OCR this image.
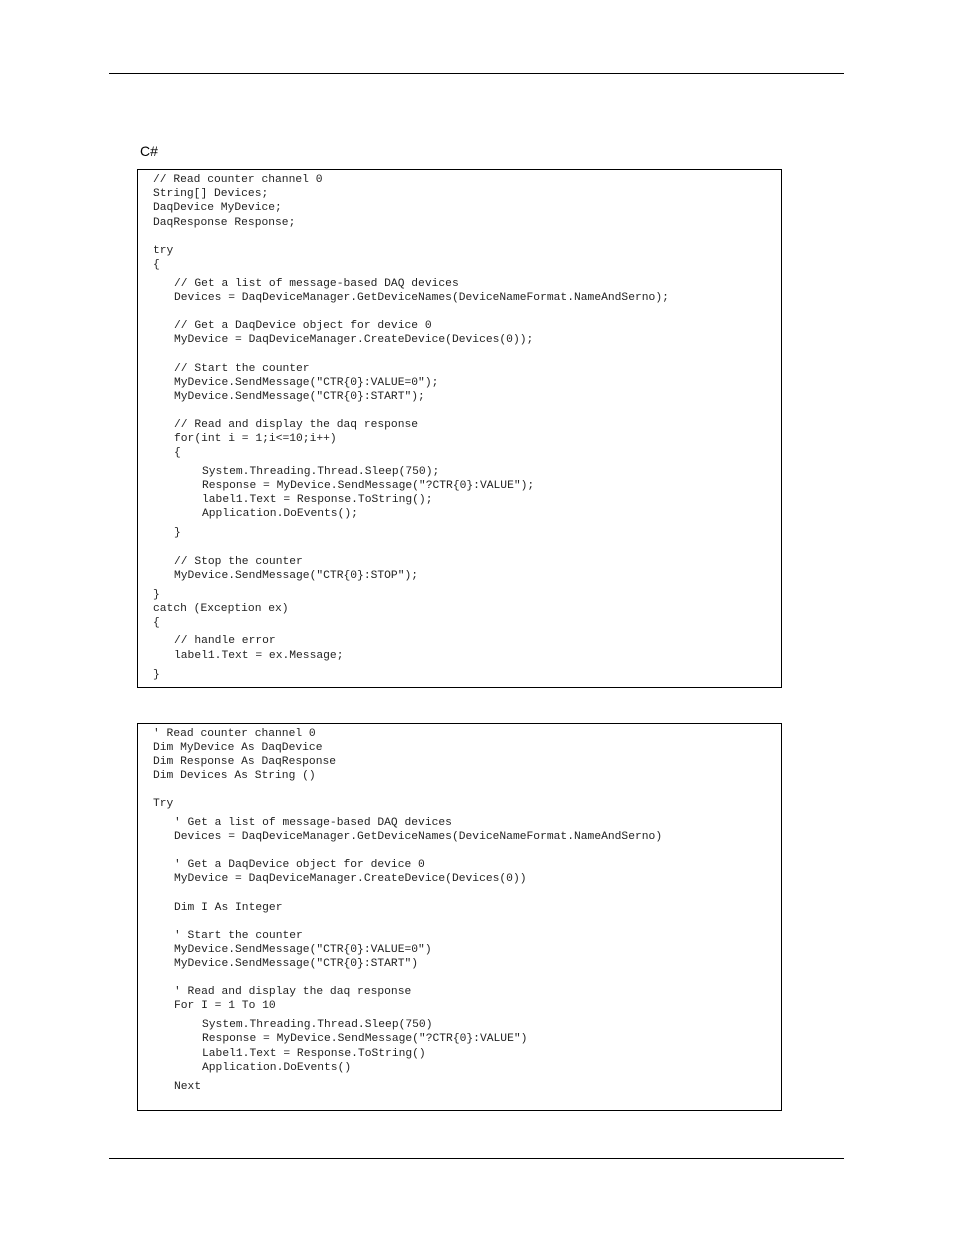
C#
// Read counter channel 0
String[] Devices;
DaqDevice MyDevice;
DaqResponse Response;
try
{
// Get a list of message-based DAQ devices
Devices = DaqDeviceManager.GetDeviceNames(DeviceNameFormat.NameAndSerno);
// Get a DaqDevice object for device 0
MyDevice = DaqDeviceManager.CreateDevice(Devices(0));
// Start the counter
MyDevice.SendMessage("CTR{0}:VALUE=0");
MyDevice.SendMessage("CTR{0}:START");
// Read and display the daq response
for(int i = 1;i<=10;i++)
{
System.Threading.Thread.Sleep(750);
Response = MyDevice.SendMessage("?CTR{0}:VALUE");
label1.Text = Response.ToString();
Application.DoEvents();
}
// Stop the counter
MyDevice.SendMessage("CTR{0}:STOP");
}
catch (Exception ex)
{
// handle error
label1.Text = ex.Message;
}
' Read counter channel 0
Dim MyDevice As DaqDevice
Dim Response As DaqResponse
Dim Devices As String ()
Try
' Get a list of message-based DAQ devices
Devices = DaqDeviceManager.GetDeviceNames(DeviceNameFormat.NameAndSerno)
' Get a DaqDevice object for device 0
MyDevice = DaqDeviceManager.CreateDevice(Devices(0))
Dim I As Integer
' Start the counter
MyDevice.SendMessage("CTR{0}:VALUE=0")
MyDevice.SendMessage("CTR{0}:START")
' Read and display the daq response
For I = 1 To 10
System.Threading.Thread.Sleep(750)
Response = MyDevice.SendMessage("?CTR{0}:VALUE")
Label1.Text = Response.ToString()
Application.DoEvents()
Next
